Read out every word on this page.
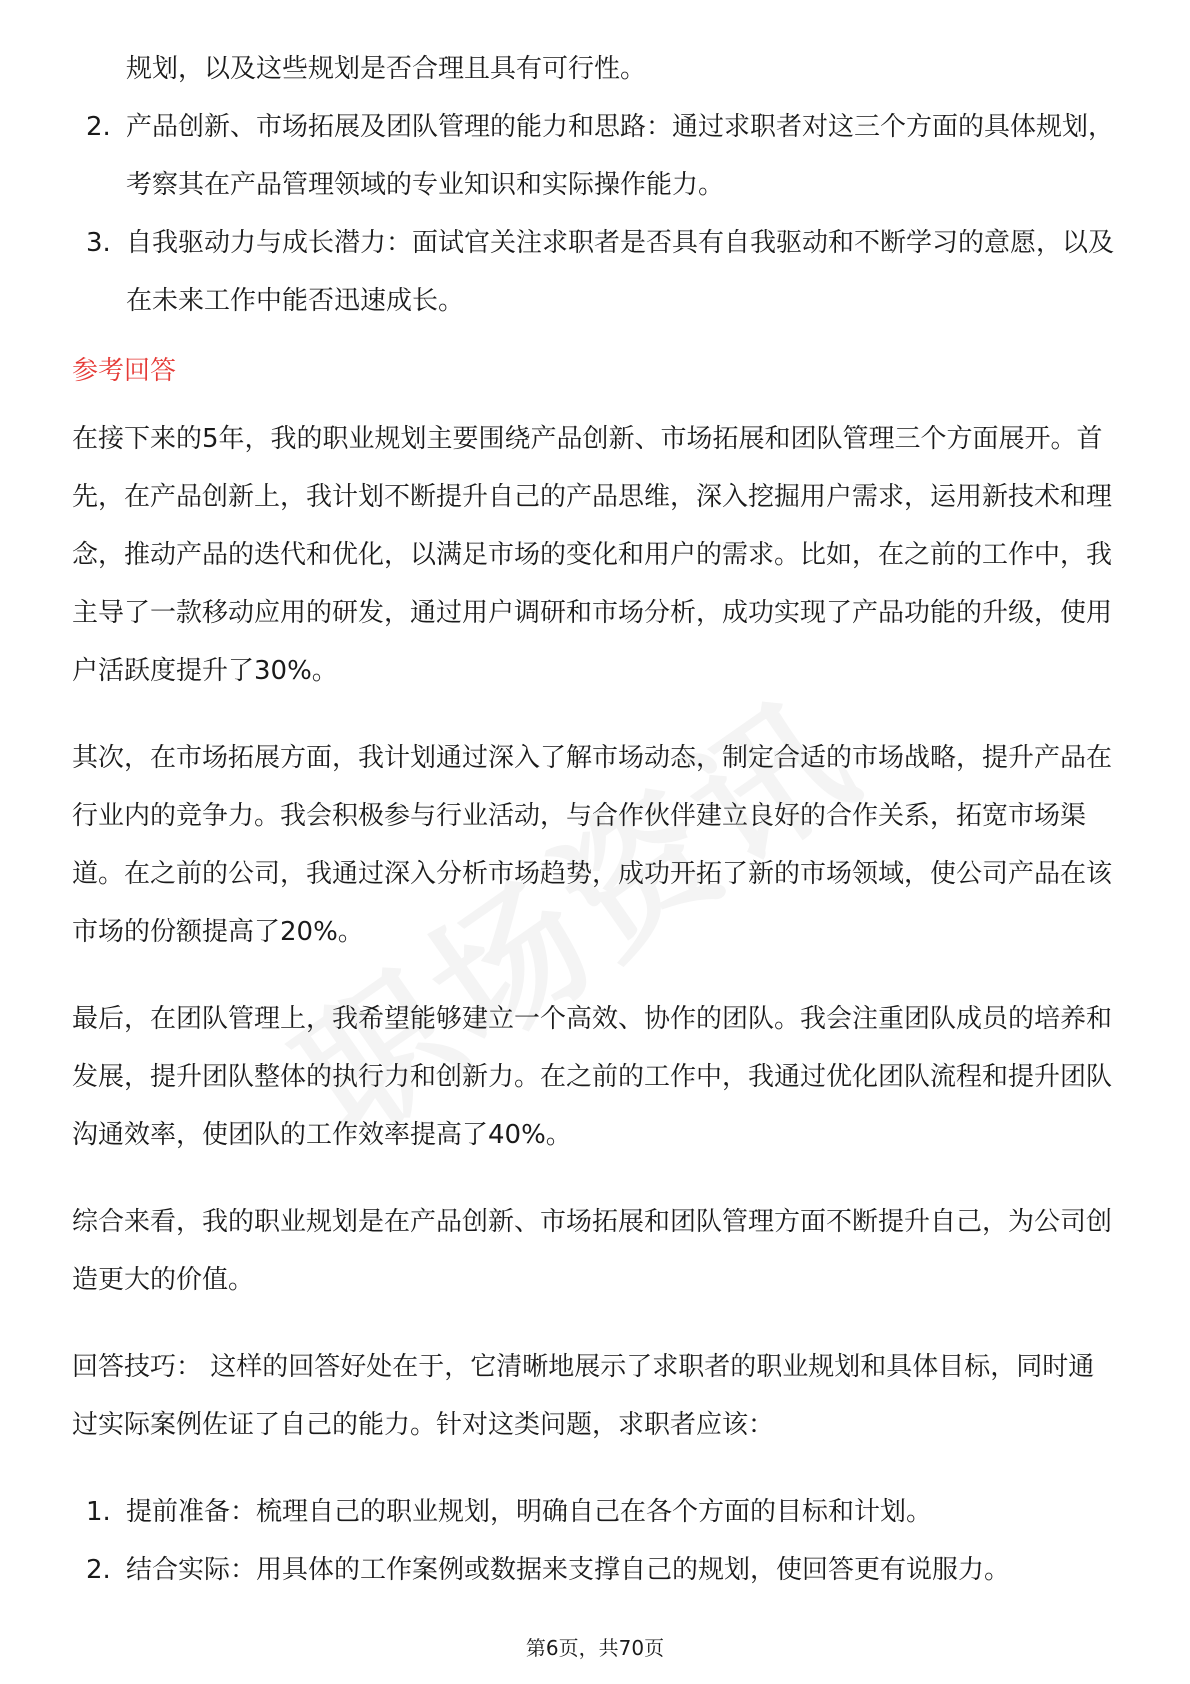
规划，以及这些规划是否合理且具有可行性。

2. 产品创新、市场拓展及团队管理的能力和思路：通过求职者对这三个方面的具体规划，考察其在产品管理领域的专业知识和实际操作能力。
3. 自我驱动力与成长潜力：面试官关注求职者是否具有自我驱动和不断学习的意愿，以及在未来工作中能否迅速成长。
参考回答

在接下来的5年，我的职业规划主要围绕产品创新、市场拓展和团队管理三个方面展开。首先，在产品创新上，我计划不断提升自己的产品思维，深入挖掘用户需求，运用新技术和理念，推动产品的迭代和优化，以满足市场的变化和用户的需求。比如，在之前的工作中，我主导了一款移动应用的研发，通过用户调研和市场分析，成功实现了产品功能的升级，使用户活跃度提升了30%。

其次，在市场拓展方面，我计划通过深入了解市场动态，制定合适的市场战略，提升产品在行业内的竞争力。我会积极参与行业活动，与合作伙伴建立良好的合作关系，拓宽市场渠道。在之前的公司，我通过深入分析市场趋势，成功开拓了新的市场领域，使公司产品在该市场的份额提高了20%。

最后，在团队管理上，我希望能够建立一个高效、协作的团队。我会注重团队成员的培养和发展，提升团队整体的执行力和创新力。在之前的工作中，我通过优化团队流程和提升团队沟通效率，使团队的工作效率提高了40%。

综合来看，我的职业规划是在产品创新、市场拓展和团队管理方面不断提升自己，为公司创造更大的价值。

回答技巧： 这样的回答好处在于，它清晰地展示了求职者的职业规划和具体目标，同时通过实际案例佐证了自己的能力。针对这类问题，求职者应该：

1. 提前准备：梳理自己的职业规划，明确自己在各个方面的目标和计划。
2. 结合实际：用具体的工作案例或数据来支撑自己的规划，使回答更有说服力。
第6页，共70页
